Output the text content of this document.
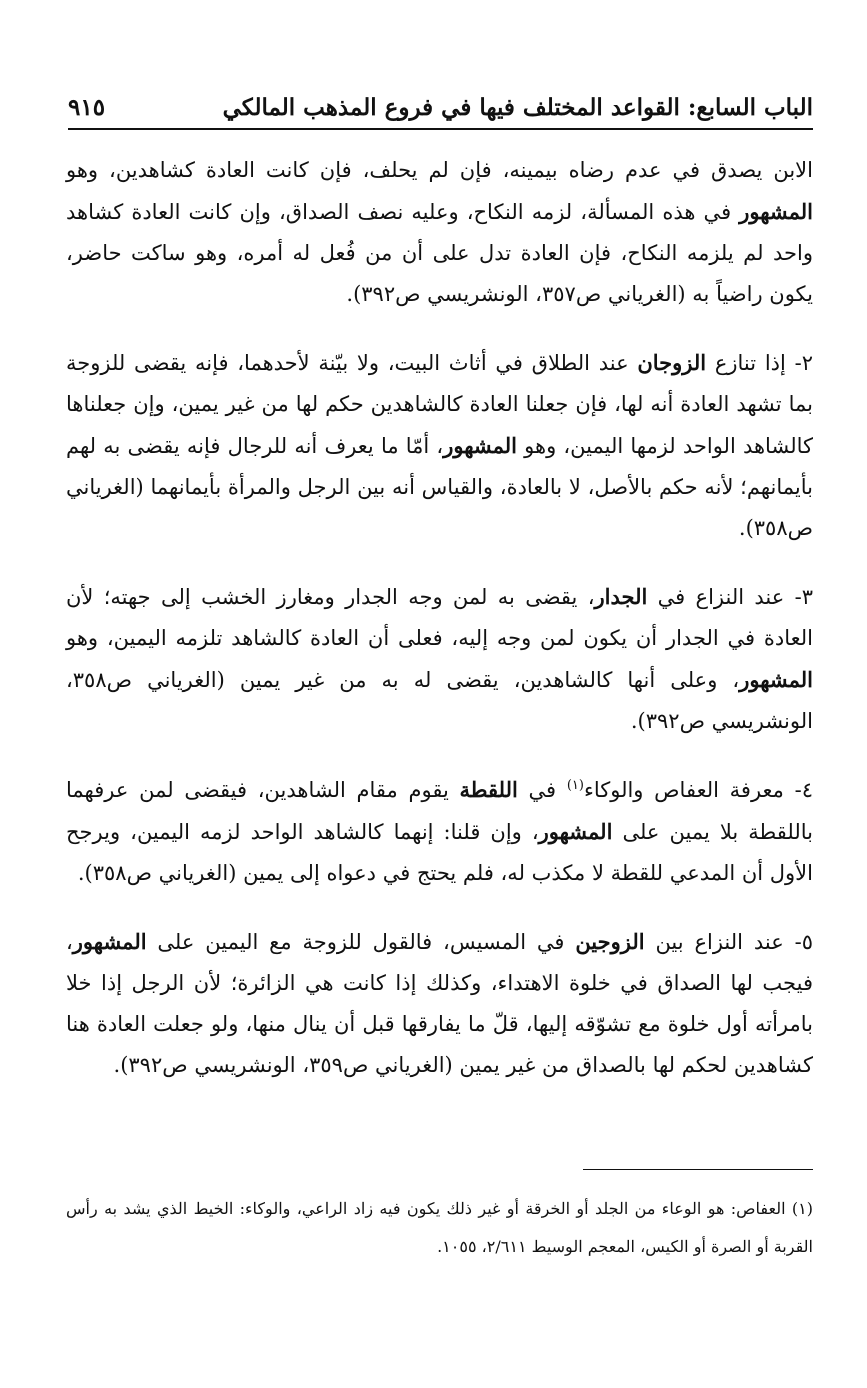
الباب السابع: القواعد المختلف فيها في فروع المذهب المالكي
٩١٥

الابن يصدق في عدم رضاه بيمينه، فإن لم يحلف، فإن كانت العادة كشاهدين، وهو المشهور في هذه المسألة، لزمه النكاح، وعليه نصف الصداق، وإن كانت العادة كشاهد واحد لم يلزمه النكاح، فإن العادة تدل على أن من فُعل له أمره، وهو ساكت حاضر، يكون راضياً به (الغرياني ص٣٥٧، الونشريسي ص٣٩٢).

٢- إذا تنازع الزوجان عند الطلاق في أثاث البيت، ولا بيّنة لأحدهما، فإنه يقضى للزوجة بما تشهد العادة أنه لها، فإن جعلنا العادة كالشاهدين حكم لها من غير يمين، وإن جعلناها كالشاهد الواحد لزمها اليمين، وهو المشهور، أمّا ما يعرف أنه للرجال فإنه يقضى به لهم بأيمانهم؛ لأنه حكم بالأصل، لا بالعادة، والقياس أنه بين الرجل والمرأة بأيمانهما (الغرياني ص٣٥٨).

٣- عند النزاع في الجدار، يقضى به لمن وجه الجدار ومغارز الخشب إلى جهته؛ لأن العادة في الجدار أن يكون لمن وجه إليه، فعلى أن العادة كالشاهد تلزمه اليمين، وهو المشهور، وعلى أنها كالشاهدين، يقضى له به من غير يمين (الغرياني ص٣٥٨، الونشريسي ص٣٩٢).

٤- معرفة العفاص والوكاء$^{(١)}$ في اللقطة يقوم مقام الشاهدين، فيقضى لمن عرفهما باللقطة بلا يمين على المشهور، وإن قلنا: إنهما كالشاهد الواحد لزمه اليمين، ويرجح الأول أن المدعي للقطة لا مكذب له، فلم يحتج في دعواه إلى يمين (الغرياني ص٣٥٨).

٥- عند النزاع بين الزوجين في المسيس، فالقول للزوجة مع اليمين على المشهور، فيجب لها الصداق في خلوة الاهتداء، وكذلك إذا كانت هي الزائرة؛ لأن الرجل إذا خلا بامرأته أول خلوة مع تشوّقه إليها، قلّ ما يفارقها قبل أن ينال منها، ولو جعلت العادة هنا كشاهدين لحكم لها بالصداق من غير يمين (الغرياني ص٣٥٩، الونشريسي ص٣٩٢).

(١) العفاص: هو الوعاء من الجلد أو الخرقة أو غير ذلك يكون فيه زاد الراعي، والوكاء: الخيط الذي يشد به رأس القربة أو الصرة أو الكيس، المعجم الوسيط ٢/٦١١، ١٠٥٥.
